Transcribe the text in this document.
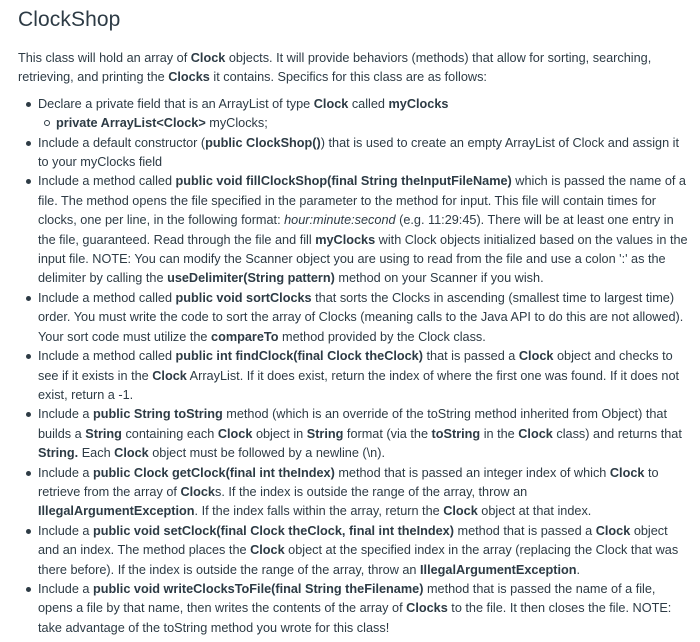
ClockShop

This class will hold an array of Clock objects. It will provide behaviors (methods) that allow for sorting, searching, retrieving, and printing the Clocks it contains. Specifics for this class are as follows:

Declare a private field that is an ArrayList of type Clock called myClocks
private ArrayList<Clock> myClocks;
Include a default constructor (public ClockShop()) that is used to create an empty ArrayList of Clock and assign it to your myClocks field
Include a method called public void fillClockShop(final String theInputFileName) which is passed the name of a file. The method opens the file specified in the parameter to the method for input. This file will contain times for clocks, one per line, in the following format: hour:minute:second (e.g. 11:29:45). There will be at least one entry in the file, guaranteed. Read through the file and fill myClocks with Clock objects initialized based on the values in the input file. NOTE: You can modify the Scanner object you are using to read from the file and use a colon ':' as the delimiter by calling the useDelimiter(String pattern) method on your Scanner if you wish.
Include a method called public void sortClocks that sorts the Clocks in ascending (smallest time to largest time) order. You must write the code to sort the array of Clocks (meaning calls to the Java API to do this are not allowed). Your sort code must utilize the compareTo method provided by the Clock class.
Include a method called public int findClock(final Clock theClock) that is passed a Clock object and checks to see if it exists in the Clock ArrayList. If it does exist, return the index of where the first one was found. If it does not exist, return a -1.
Include a public String toString method (which is an override of the toString method inherited from Object) that builds a String containing each Clock object in String format (via the toString in the Clock class) and returns that String. Each Clock object must be followed by a newline (\n).
Include a public Clock getClock(final int theIndex) method that is passed an integer index of which Clock to retrieve from the array of Clocks. If the index is outside the range of the array, throw an IllegalArgumentException. If the index falls within the array, return the Clock object at that index.
Include a public void setClock(final Clock theClock, final int theIndex) method that is passed a Clock object and an index. The method places the Clock object at the specified index in the array (replacing the Clock that was there before). If the index is outside the range of the array, throw an IllegalArgumentException.
Include a public void writeClocksToFile(final String theFilename) method that is passed the name of a file, opens a file by that name, then writes the contents of the array of Clocks to the file. It then closes the file. NOTE: take advantage of the toString method you wrote for this class!
